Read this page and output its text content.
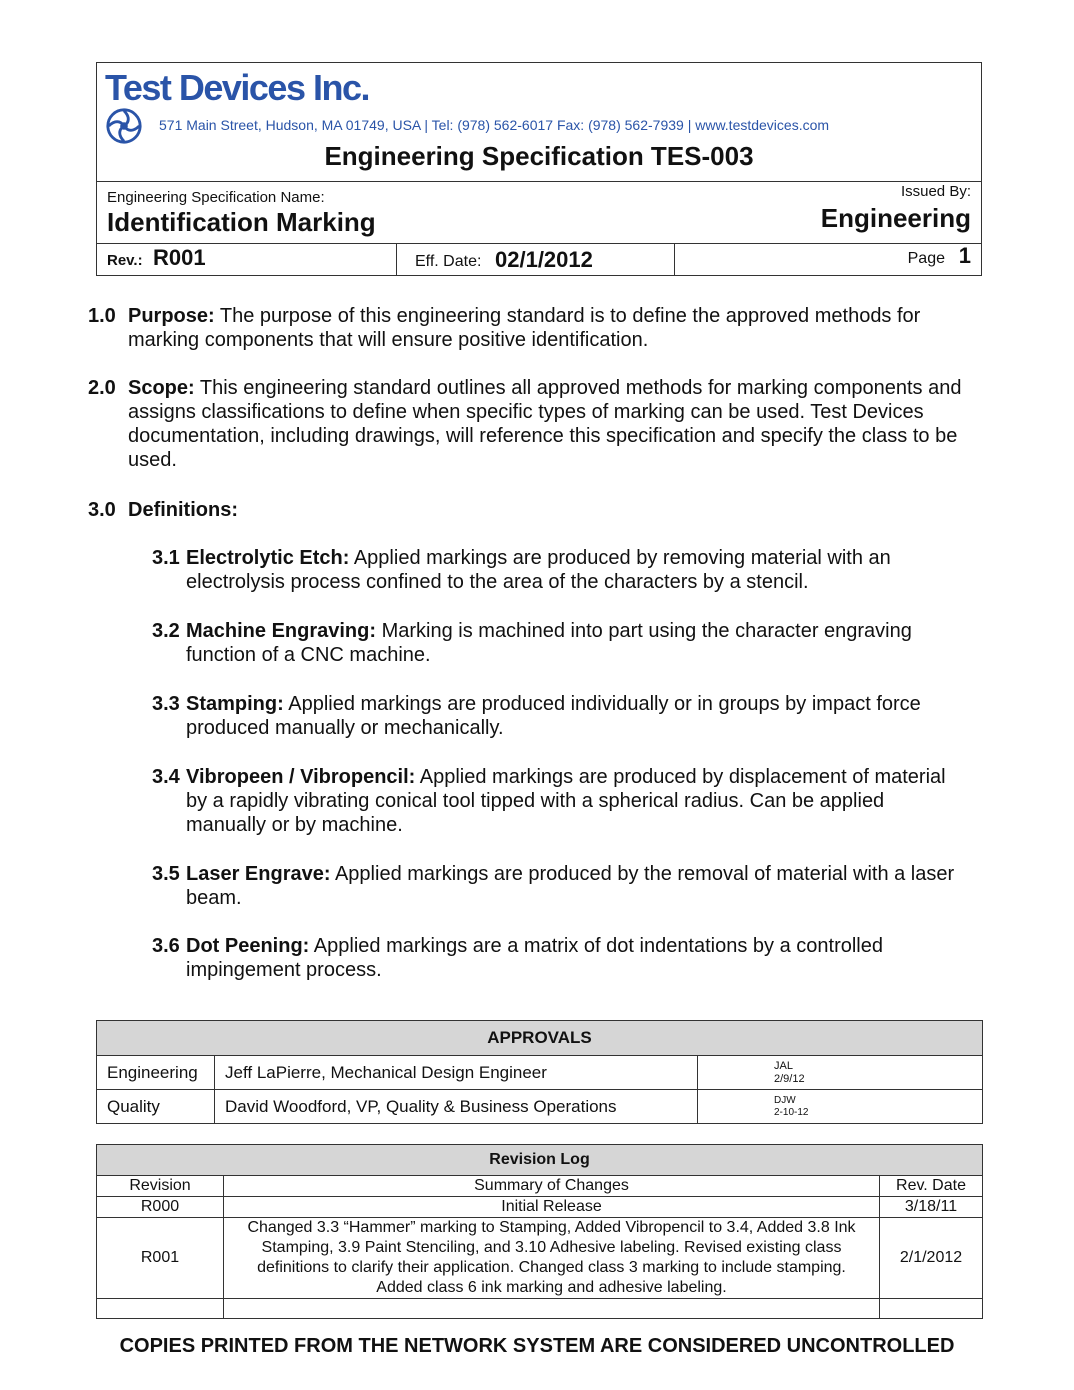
Test Devices Inc.
571 Main Street, Hudson, MA 01749, USA | Tel: (978) 562-6017 Fax: (978) 562-7939 | www.testdevices.com
Engineering Specification TES-003
Engineering Specification Name:
Identification Marking
Issued By:
Engineering
Rev.: R001	Eff. Date: 02/1/2012	Page 1
1.0 Purpose: The purpose of this engineering standard is to define the approved methods for marking components that will ensure positive identification.
2.0 Scope: This engineering standard outlines all approved methods for marking components and assigns classifications to define when specific types of marking can be used. Test Devices documentation, including drawings, will reference this specification and specify the class to be used.
3.0 Definitions:
3.1 Electrolytic Etch: Applied markings are produced by removing material with an electrolysis process confined to the area of the characters by a stencil.
3.2 Machine Engraving: Marking is machined into part using the character engraving function of a CNC machine.
3.3 Stamping: Applied markings are produced individually or in groups by impact force produced manually or mechanically.
3.4 Vibropeen / Vibropencil: Applied markings are produced by displacement of material by a rapidly vibrating conical tool tipped with a spherical radius. Can be applied manually or by machine.
3.5 Laser Engrave: Applied markings are produced by the removal of material with a laser beam.
3.6 Dot Peening: Applied markings are a matrix of dot indentations by a controlled impingement process.
APPROVALS		
Engineering	Jeff LaPierre, Mechanical Design Engineer	JAL
2/9/12

Quality	David Woodford, VP, Quality & Business Operations	DJW
2-10-12
Revision Log		
Revision	Summary of Changes	Rev. Date
R000	Initial Release	3/18/11
R001	Changed 3.3 “Hammer” marking to Stamping, Added Vibropencil to 3.4, Added 3.8 Ink Stamping, 3.9 Paint Stenciling, and 3.10 Adhesive labeling. Revised existing class definitions to clarify their application. Changed class 3 marking to include stamping. Added class 6 ink marking and adhesive labeling.	2/1/2012

COPIES PRINTED FROM THE NETWORK SYSTEM ARE CONSIDERED UNCONTROLLED
